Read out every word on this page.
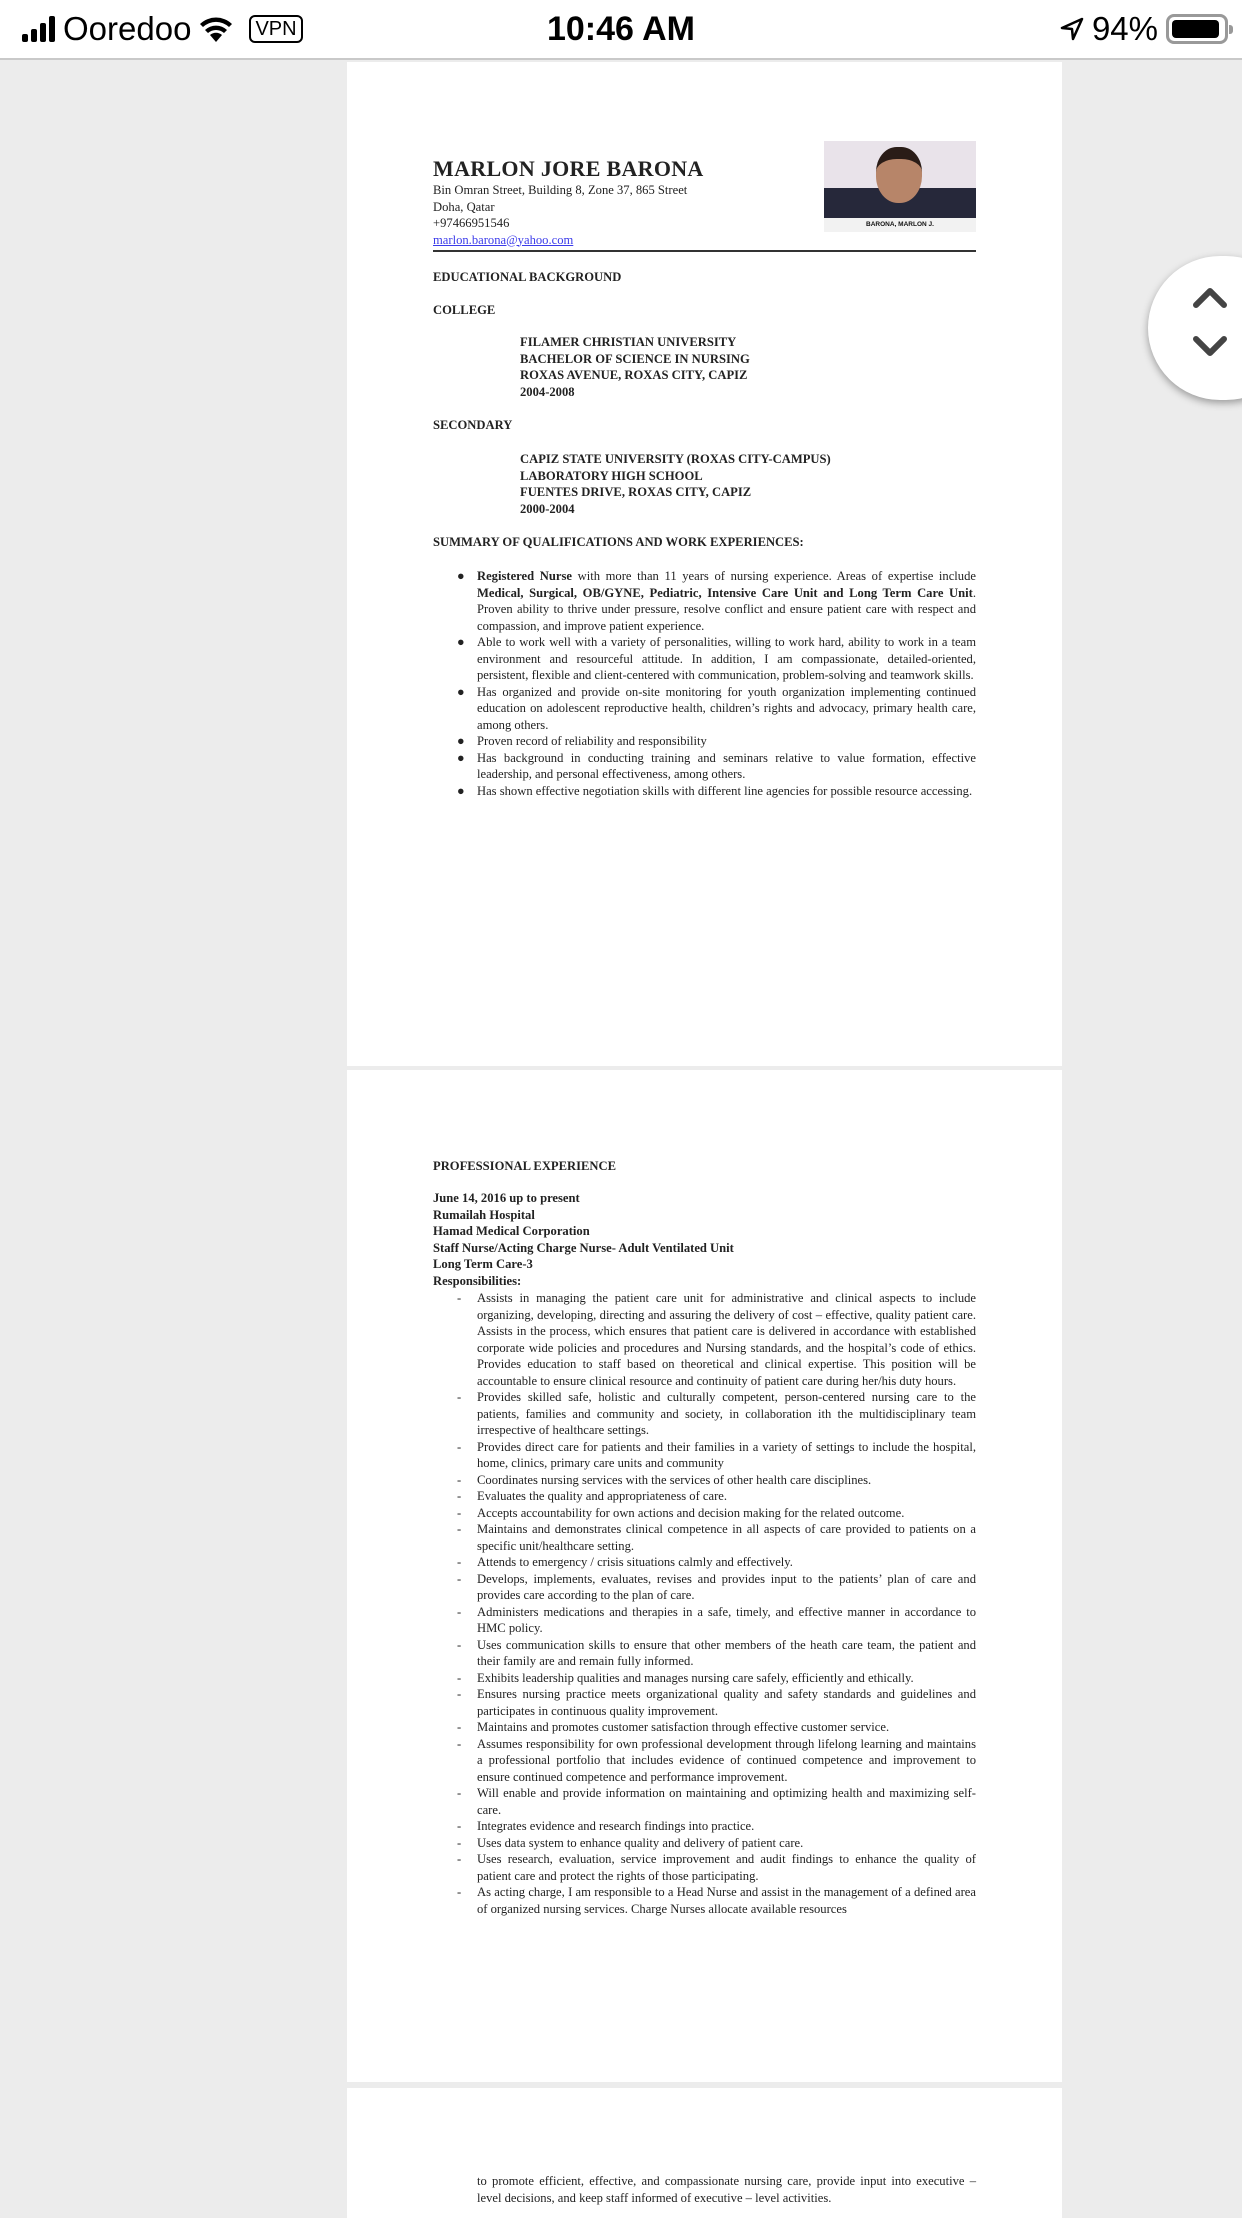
Ooredoo	VPN	10:46 AM	94%
MARLON JORE BARONA
Bin Omran Street, Building 8, Zone 37, 865 Street
Doha, Qatar
+97466951546
marlon.barona@yahoo.com
BARONA, MARLON J.
EDUCATIONAL BACKGROUND
COLLEGE
FILAMER CHRISTIAN UNIVERSITY
BACHELOR OF SCIENCE IN NURSING
ROXAS AVENUE, ROXAS CITY, CAPIZ
2004-2008
SECONDARY
CAPIZ STATE UNIVERSITY (ROXAS CITY-CAMPUS)
LABORATORY HIGH SCHOOL
FUENTES DRIVE, ROXAS CITY, CAPIZ
2000-2004
SUMMARY OF QUALIFICATIONS AND WORK EXPERIENCES:
● Registered Nurse with more than 11 years of nursing experience. Areas of expertise include Medical, Surgical, OB/GYNE, Pediatric, Intensive Care Unit and Long Term Care Unit. Proven ability to thrive under pressure, resolve conflict and ensure patient care with respect and compassion, and improve patient experience.
● Able to work well with a variety of personalities, willing to work hard, ability to work in a team environment and resourceful attitude. In addition, I am compassionate, detailed-oriented, persistent, flexible and client-centered with communication, problem-solving and teamwork skills.
● Has organized and provide on-site monitoring for youth organization implementing continued education on adolescent reproductive health, children’s rights and advocacy, primary health care, among others.
● Proven record of reliability and responsibility
● Has background in conducting training and seminars relative to value formation, effective leadership, and personal effectiveness, among others.
● Has shown effective negotiation skills with different line agencies for possible resource accessing.
PROFESSIONAL EXPERIENCE
June 14, 2016 up to present
Rumailah Hospital
Hamad Medical Corporation
Staff Nurse/Acting Charge Nurse- Adult Ventilated Unit
Long Term Care-3
Responsibilities:
- Assists in managing the patient care unit for administrative and clinical aspects to include organizing, developing, directing and assuring the delivery of cost – effective, quality patient care. Assists in the process, which ensures that patient care is delivered in accordance with established corporate wide policies and procedures and Nursing standards, and the hospital’s code of ethics. Provides education to staff based on theoretical and clinical expertise. This position will be accountable to ensure clinical resource and continuity of patient care during her/his duty hours.
- Provides skilled safe, holistic and culturally competent, person-centered nursing care to the patients, families and community and society, in collaboration ith the multidisciplinary team irrespective of healthcare settings.
- Provides direct care for patients and their families in a variety of settings to include the hospital, home, clinics, primary care units and community
- Coordinates nursing services with the services of other health care disciplines.
- Evaluates the quality and appropriateness of care.
- Accepts accountability for own actions and decision making for the related outcome.
- Maintains and demonstrates clinical competence in all aspects of care provided to patients on a specific unit/healthcare setting.
- Attends to emergency / crisis situations calmly and effectively.
- Develops, implements, evaluates, revises and provides input to the patients’ plan of care and provides care according to the plan of care.
- Administers medications and therapies in a safe, timely, and effective manner in accordance to HMC policy.
- Uses communication skills to ensure that other members of the heath care team, the patient and their family are and remain fully informed.
- Exhibits leadership qualities and manages nursing care safely, efficiently and ethically.
- Ensures nursing practice meets organizational quality and safety standards and guidelines and participates in continuous quality improvement.
- Maintains and promotes customer satisfaction through effective customer service.
- Assumes responsibility for own professional development through lifelong learning and maintains a professional portfolio that includes evidence of continued competence and improvement to ensure continued competence and performance improvement.
- Will enable and provide information on maintaining and optimizing health and maximizing self-care.
- Integrates evidence and research findings into practice.
- Uses data system to enhance quality and delivery of patient care.
- Uses research, evaluation, service improvement and audit findings to enhance the quality of patient care and protect the rights of those participating.
- As acting charge, I am responsible to a Head Nurse and assist in the management of a defined area of organized nursing services. Charge Nurses allocate available resources
to promote efficient, effective, and compassionate nursing care, provide input into executive – level decisions, and keep staff informed of executive – level activities.
